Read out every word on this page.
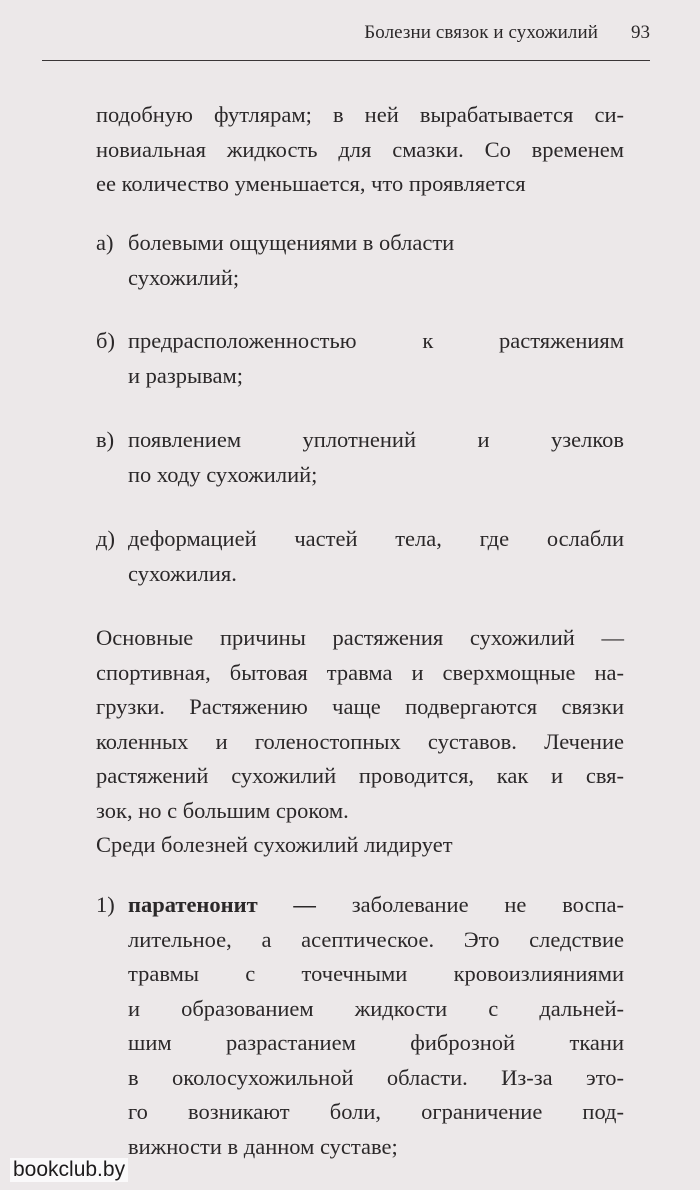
Болезни связок и сухожилий 93

подобную футлярам; в ней вырабатывается си-
новиальная жидкость для смазки. Со временем
ее количество уменьшается, что проявляется

а) болевыми ощущениями в области
сухожилий;
б) предрасположенностью к растяжениям
и разрывам;
в) появлением уплотнений и узелков
по ходу сухожилий;
д) деформацией частей тела, где ослабли
сухожилия.

Основные причины растяжения сухожилий —
спортивная, бытовая травма и сверхмощные на-
грузки. Растяжению чаще подвергаются связки
коленных и голеностопных суставов. Лечение
растяжений сухожилий проводится, как и свя-
зок, но с большим сроком.

Среди болезней сухожилий лидирует

1) паратенонит — заболевание не воспа-
лительное, а асептическое. Это следствие
травмы с точечными кровоизлияниями
и образованием жидкости с дальней-
шим разрастанием фиброзной ткани
в околосухожильной области. Из-за это-
го возникают боли, ограничение под-
вижности в данном суставе;
bookclub.by
